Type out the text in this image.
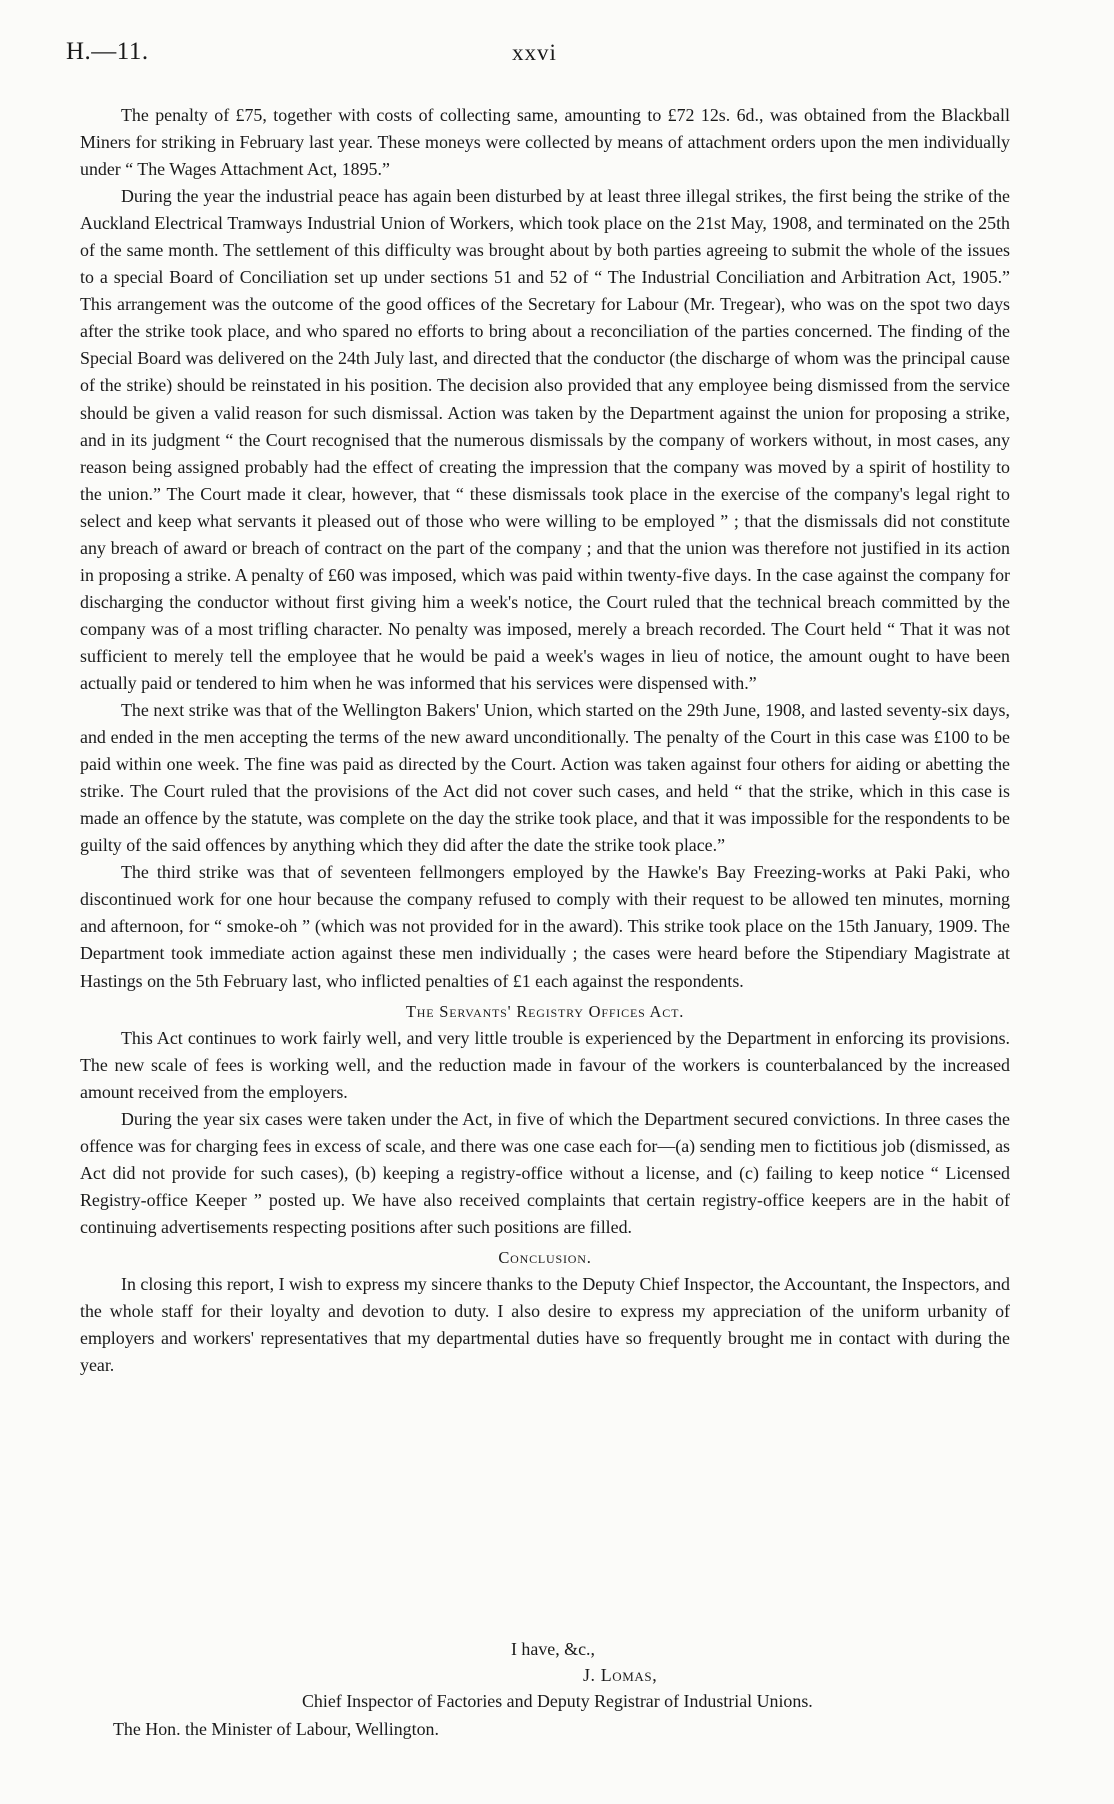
H.—11.	xxvi

The penalty of £75, together with costs of collecting same, amounting to £72 12s. 6d., was obtained from the Blackball Miners for striking in February last year. These moneys were collected by means of attachment orders upon the men individually under “ The Wages Attachment Act, 1895.”

During the year the industrial peace has again been disturbed by at least three illegal strikes, the first being the strike of the Auckland Electrical Tramways Industrial Union of Workers, which took place on the 21st May, 1908, and terminated on the 25th of the same month. The settlement of this difficulty was brought about by both parties agreeing to submit the whole of the issues to a special Board of Conciliation set up under sections 51 and 52 of “ The Industrial Conciliation and Arbitration Act, 1905.” This arrangement was the outcome of the good offices of the Secretary for Labour (Mr. Tregear), who was on the spot two days after the strike took place, and who spared no efforts to bring about a reconciliation of the parties concerned. The finding of the Special Board was delivered on the 24th July last, and directed that the conductor (the discharge of whom was the principal cause of the strike) should be reinstated in his position. The decision also provided that any employee being dismissed from the service should be given a valid reason for such dismissal. Action was taken by the Department against the union for proposing a strike, and in its judgment “ the Court recognised that the numerous dismissals by the company of workers without, in most cases, any reason being assigned probably had the effect of creating the impression that the company was moved by a spirit of hostility to the union.” The Court made it clear, however, that “ these dismissals took place in the exercise of the company's legal right to select and keep what servants it pleased out of those who were willing to be employed ” ; that the dismissals did not constitute any breach of award or breach of contract on the part of the company ; and that the union was therefore not justified in its action in proposing a strike. A penalty of £60 was imposed, which was paid within twenty-five days. In the case against the company for discharging the conductor without first giving him a week's notice, the Court ruled that the technical breach committed by the company was of a most trifling character. No penalty was imposed, merely a breach recorded. The Court held “ That it was not sufficient to merely tell the employee that he would be paid a week's wages in lieu of notice, the amount ought to have been actually paid or tendered to him when he was informed that his services were dispensed with.”

The next strike was that of the Wellington Bakers' Union, which started on the 29th June, 1908, and lasted seventy-six days, and ended in the men accepting the terms of the new award unconditionally. The penalty of the Court in this case was £100 to be paid within one week. The fine was paid as directed by the Court. Action was taken against four others for aiding or abetting the strike. The Court ruled that the provisions of the Act did not cover such cases, and held “ that the strike, which in this case is made an offence by the statute, was complete on the day the strike took place, and that it was impossible for the respondents to be guilty of the said offences by anything which they did after the date the strike took place.”

The third strike was that of seventeen fellmongers employed by the Hawke's Bay Freezing-works at Paki Paki, who discontinued work for one hour because the company refused to comply with their request to be allowed ten minutes, morning and afternoon, for “ smoke-oh ” (which was not provided for in the award). This strike took place on the 15th January, 1909. The Department took immediate action against these men individually ; the cases were heard before the Stipendiary Magistrate at Hastings on the 5th February last, who inflicted penalties of £1 each against the respondents.

The Servants' Registry Offices Act.

This Act continues to work fairly well, and very little trouble is experienced by the Department in enforcing its provisions. The new scale of fees is working well, and the reduction made in favour of the workers is counterbalanced by the increased amount received from the employers.

During the year six cases were taken under the Act, in five of which the Department secured convictions. In three cases the offence was for charging fees in excess of scale, and there was one case each for—(a) sending men to fictitious job (dismissed, as Act did not provide for such cases), (b) keeping a registry-office without a license, and (c) failing to keep notice “ Licensed Registry-office Keeper ” posted up. We have also received complaints that certain registry-office keepers are in the habit of continuing advertisements respecting positions after such positions are filled.

Conclusion.

In closing this report, I wish to express my sincere thanks to the Deputy Chief Inspector, the Accountant, the Inspectors, and the whole staff for their loyalty and devotion to duty. I also desire to express my appreciation of the uniform urbanity of employers and workers' representatives that my departmental duties have so frequently brought me in contact with during the year.

I have, &c.,
J. Lomas,
Chief Inspector of Factories and Deputy Registrar of Industrial Unions.
The Hon. the Minister of Labour, Wellington.
